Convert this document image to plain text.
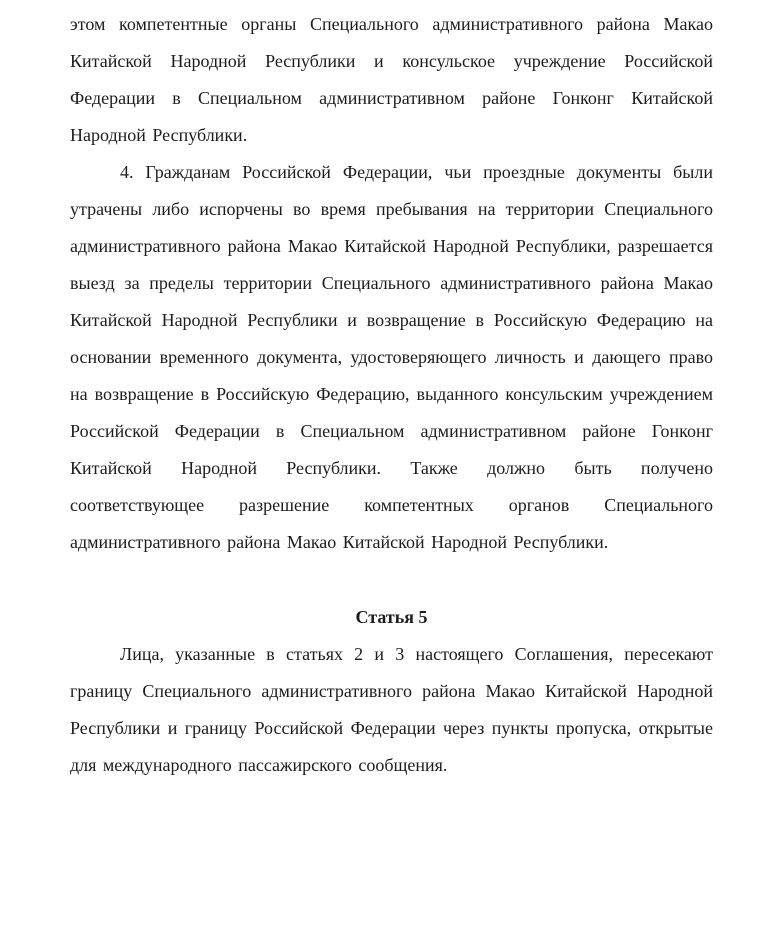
этом компетентные органы Специального административного района Макао Китайской Народной Республики и консульское учреждение Российской Федерации в Специальном административном районе Гонконг Китайской Народной Республики.

4. Гражданам Российской Федерации, чьи проездные документы были утрачены либо испорчены во время пребывания на территории Специального административного района Макао Китайской Народной Республики, разрешается выезд за пределы территории Специального административного района Макао Китайской Народной Республики и возвращение в Российскую Федерацию на основании временного документа, удостоверяющего личность и дающего право на возвращение в Российскую Федерацию, выданного консульским учреждением Российской Федерации в Специальном административном районе Гонконг Китайской Народной Республики. Также должно быть получено соответствующее разрешение компетентных органов Специального административного района Макао Китайской Народной Республики.

Статья 5

Лица, указанные в статьях 2 и 3 настоящего Соглашения, пересекают границу Специального административного района Макао Китайской Народной Республики и границу Российской Федерации через пункты пропуска, открытые для международного пассажирского сообщения.
